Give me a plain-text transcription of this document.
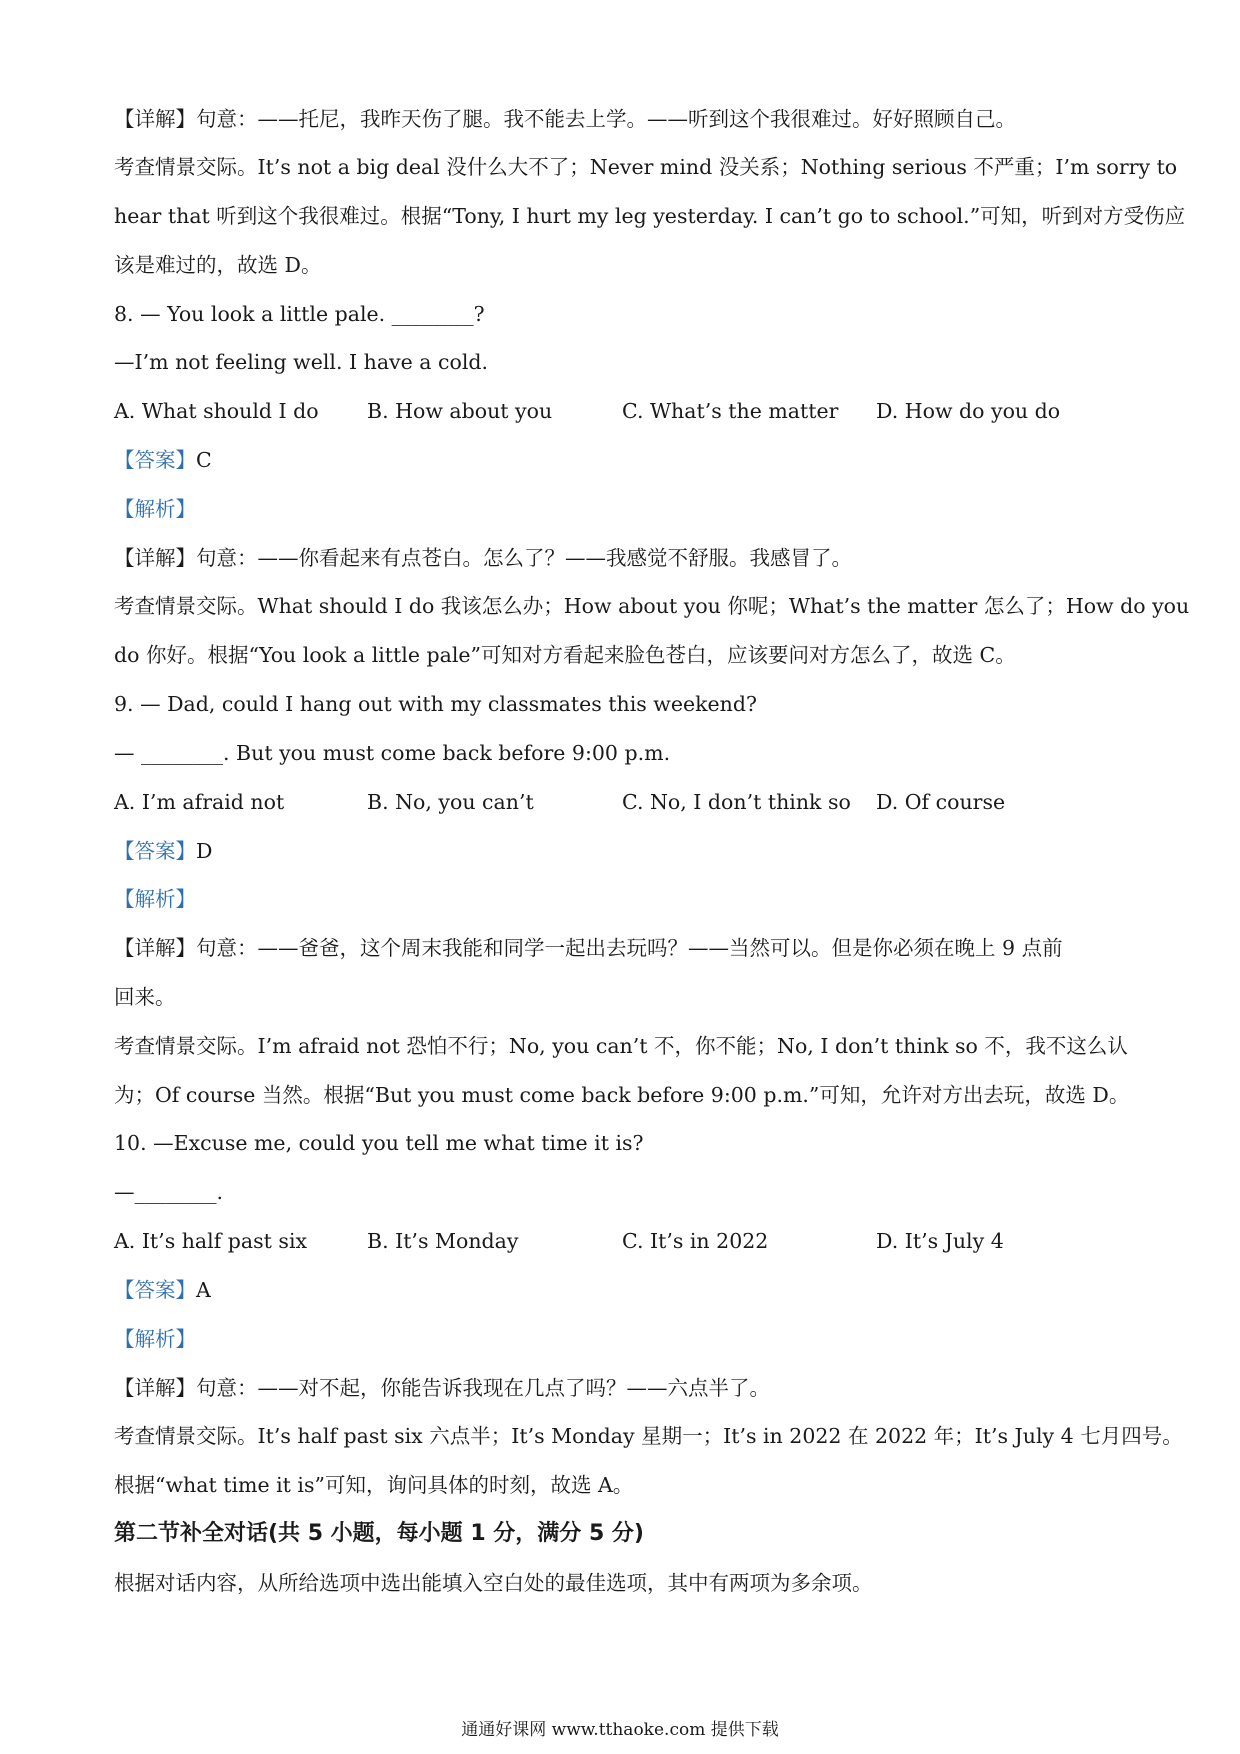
【详解】句意：——托尼，我昨天伤了腿。我不能去上学。——听到这个我很难过。好好照顾自己。
考查情景交际。It’s not a big deal 没什么大不了；Never mind 没关系；Nothing serious 不严重；I’m sorry to
hear that 听到这个我很难过。根据“Tony, I hurt my leg yesterday. I can’t go to school.”可知，听到对方受伤应
该是难过的，故选 D。
8. — You look a little pale. ________?
—I’m not feeling well. I have a cold.
A. What should I do B. How about you	C. What’s the matter D. How do you do
【答案】C
【解析】
【详解】句意：——你看起来有点苍白。怎么了？——我感觉不舒服。我感冒了。
考查情景交际。What should I do 我该怎么办；How about you 你呢；What’s the matter 怎么了；How do you
do 你好。根据“You look a little pale”可知对方看起来脸色苍白，应该要问对方怎么了，故选 C。
9. — Dad, could I hang out with my classmates this weekend?
— ________. But you must come back before 9:00 p.m.
A. I’m afraid not	B. No, you can’t	C. No, I don’t think so D. Of course
【答案】D
【解析】
【详解】句意：——爸爸，这个周末我能和同学一起出去玩吗？——当然可以。但是你必须在晚上 9 点前
回来。
考查情景交际。I’m afraid not 恐怕不行；No, you can’t 不，你不能；No, I don’t think so 不，我不这么认
为；Of course 当然。根据“But you must come back before 9:00 p.m.”可知，允许对方出去玩，故选 D。
10. —Excuse me, could you tell me what time it is?
—________.
A. It’s half past six	B. It’s Monday	C. It’s in 2022	D. It’s July 4
【答案】A
【解析】
【详解】句意：——对不起，你能告诉我现在几点了吗？——六点半了。
考查情景交际。It’s half past six 六点半；It’s Monday 星期一；It’s in 2022 在 2022 年；It’s July 4 七月四号。
根据“what time it is”可知，询问具体的时刻，故选 A。
第二节补全对话(共 5 小题，每小题 1 分，满分 5 分)
根据对话内容，从所给选项中选出能填入空白处的最佳选项，其中有两项为多余项。
通通好课网 www.tthaoke.com 提供下载
